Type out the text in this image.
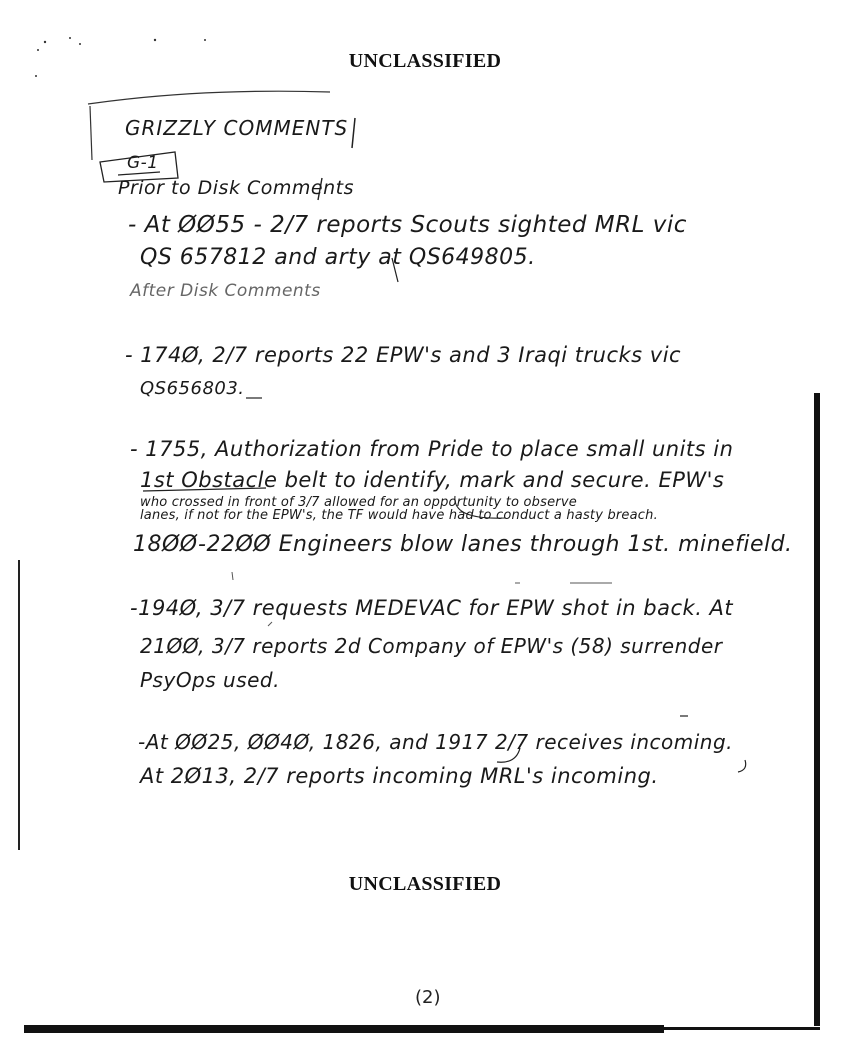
UNCLASSIFIED
GRIZZLY COMMENTS
G-1
Prior to Disk Comments
- At ØØ55 - 2/7 reports Scouts sighted MRL vic
QS 657812 and arty at QS649805.
After Disk Comments
- 174Ø, 2/7 reports 22 EPW's and 3 Iraqi trucks vic
QS656803.
- 1755, Authorization from Pride to place small units in
1st Obstacle belt to identify, mark and secure. EPW's
who crossed in front of 3/7 allowed for an opportunity to observe
lanes, if not for the EPW's, the TF would have had to conduct a hasty breach.
18ØØ-22ØØ Engineers blow lanes through 1st. minefield.
-194Ø, 3/7 requests MEDEVAC for EPW shot in back. At
21ØØ, 3/7 reports 2d Company of EPW's (58) surrender
PsyOps used.
-At ØØ25, ØØ4Ø, 1826, and 1917 2/7 receives incoming.
At 2Ø13, 2/7 reports incoming MRL's incoming.
UNCLASSIFIED
(2)
